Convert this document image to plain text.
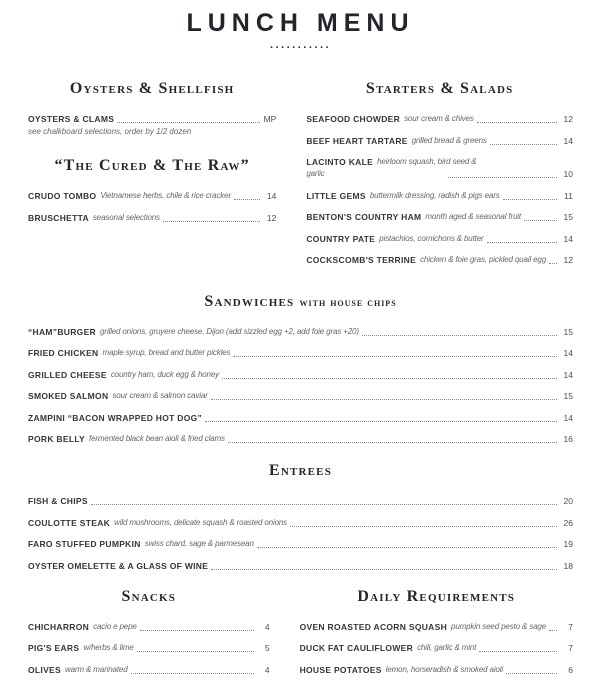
LUNCH MENU
...........
Oysters & Shellfish
OYSTERS & CLAMS	MP
see chalkboard selections, order by 1/2 dozen
“The Cured & The Raw”
CRUDO TOMBO Vietnamese herbs, chile & rice cracker	14
BRUSCHETTA seasonal selections	12
Starters & Salads
SEAFOOD CHOWDER sour cream & chives	12
BEEF HEART TARTARE grilled bread & greens	14
LACINTO KALE heirloom squash, bird seed &
garlic	10
LITTLE GEMS buttermilk dressing, radish & pigs ears	11
BENTON'S COUNTRY HAM month aged & seasonal fruit	15
COUNTRY PATE pistachios, cornichons & butter	14
COCKSCOMB'S TERRINE chicken & foie gras, pickled quail egg	12
Sandwiches with house chips
“HAM”BURGER grilled onions, gruyere cheese, Dijon (add sizzled egg +2, add foie gras +20)	15
FRIED CHICKEN maple syrup, bread and butter pickles	14
GRILLED CHEESE country ham, duck egg & honey	14
SMOKED SALMON sour cream & salmon caviar	15
ZAMPINI “BACON WRAPPED HOT DOG”	14
PORK BELLY fermented black bean aioli & fried clams	16
Entrees
FISH & CHIPS	20
COULOTTE STEAK wild mushrooms, delicate squash & roasted onions	26
FARO STUFFED PUMPKIN swiss chard, sage & parmesean	19
OYSTER OMELETTE & A GLASS OF WINE	18
Snacks
CHICHARRON cacio e pepe	4
PIG'S EARS w/herbs & lime	5
OLIVES warm & marinated	4
Daily Requirements
OVEN ROASTED ACORN SQUASH pumpkin seed pesto & sage	7
DUCK FAT CAULIFLOWER chili, garlic & mint	7
HOUSE POTATOES lemon, horseradish & smoked aioli	6
